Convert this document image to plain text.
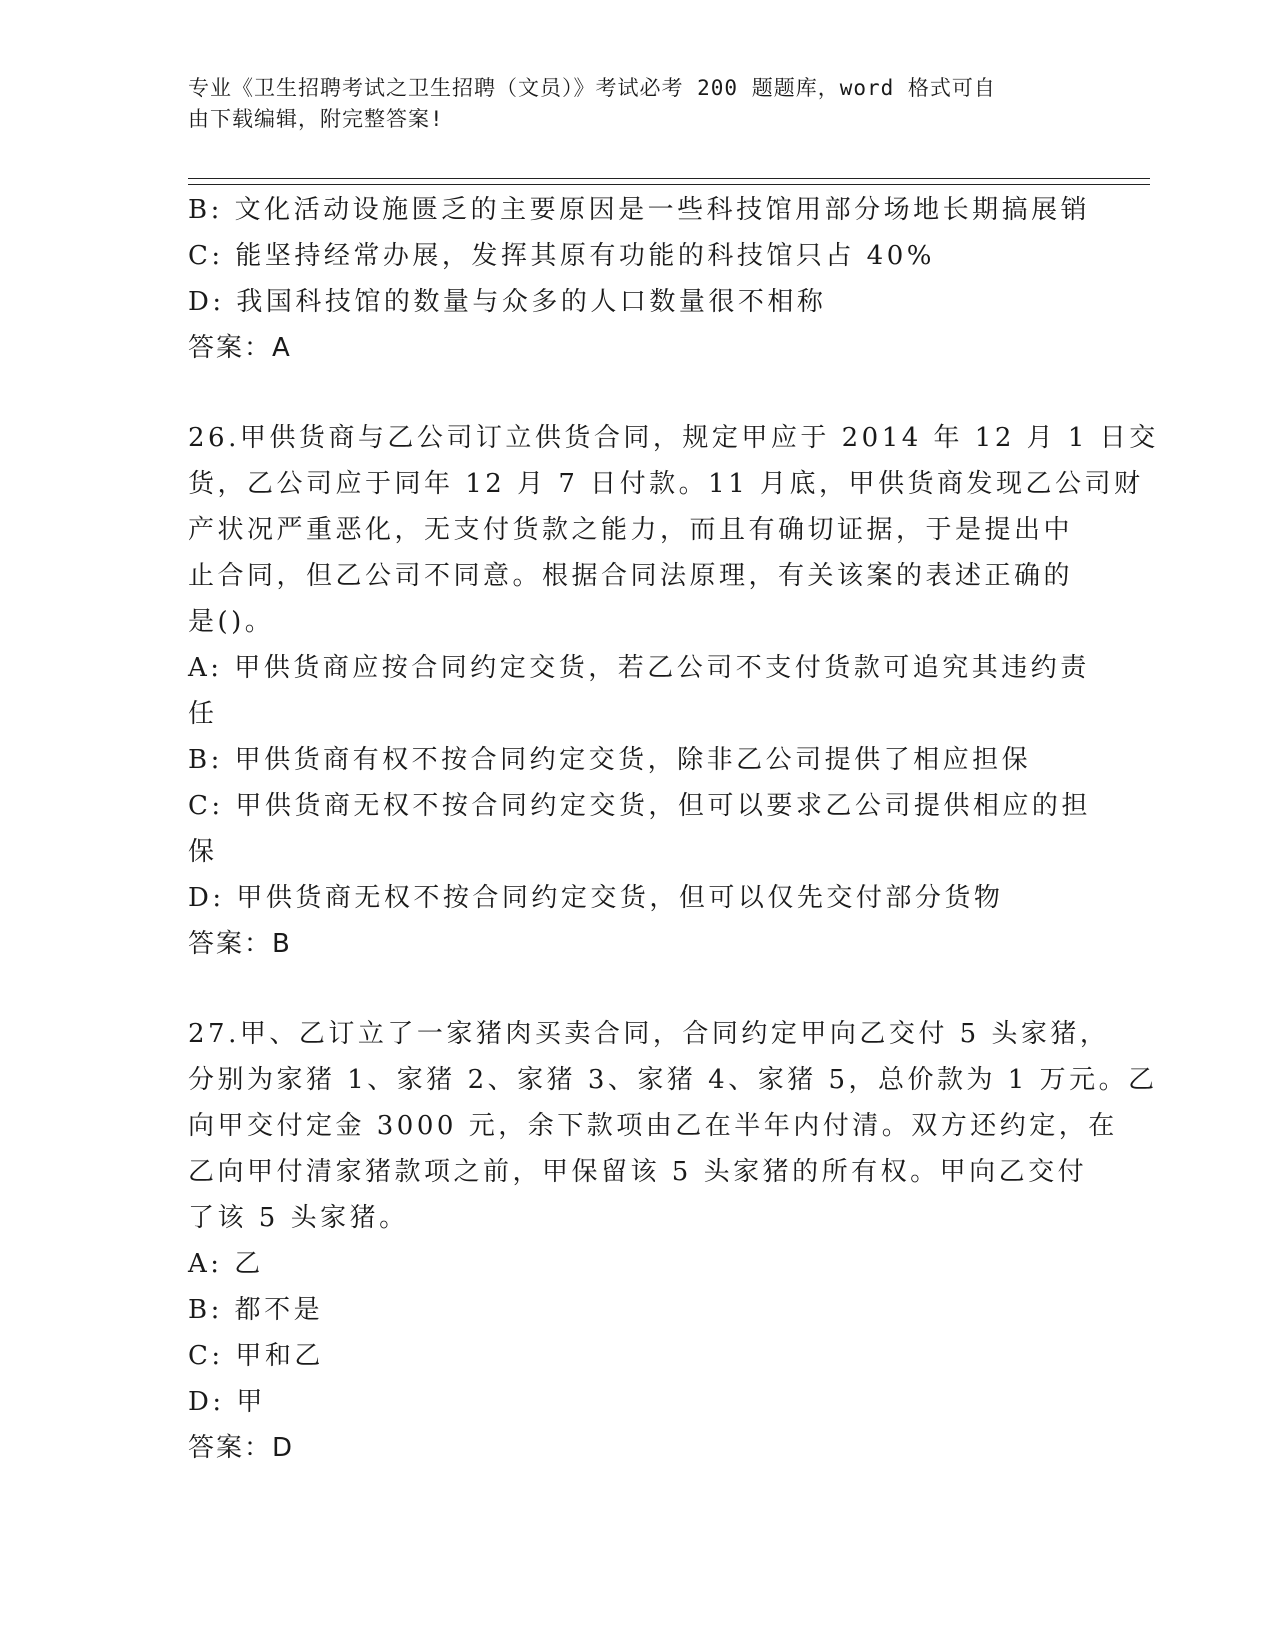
专业《卫生招聘考试之卫生招聘（文员）》考试必考 200 题题库，word 格式可自
由下载编辑，附完整答案!
B: 文化活动设施匮乏的主要原因是一些科技馆用部分场地长期搞展销
C: 能坚持经常办展，发挥其原有功能的科技馆只占 40%
D: 我国科技馆的数量与众多的人口数量很不相称
答案：A
26.甲供货商与乙公司订立供货合同，规定甲应于 2014 年 12 月 1 日交
货，乙公司应于同年 12 月 7 日付款。11 月底，甲供货商发现乙公司财
产状况严重恶化，无支付货款之能力，而且有确切证据，于是提出中
止合同，但乙公司不同意。根据合同法原理，有关该案的表述正确的
是()。
A: 甲供货商应按合同约定交货，若乙公司不支付货款可追究其违约责
任
B: 甲供货商有权不按合同约定交货，除非乙公司提供了相应担保
C: 甲供货商无权不按合同约定交货，但可以要求乙公司提供相应的担
保
D: 甲供货商无权不按合同约定交货，但可以仅先交付部分货物
答案：B
27.甲、乙订立了一家猪肉买卖合同，合同约定甲向乙交付 5 头家猪，
分别为家猪 1、家猪 2、家猪 3、家猪 4、家猪 5，总价款为 1 万元。乙
向甲交付定金 3000 元，余下款项由乙在半年内付清。双方还约定，在
乙向甲付清家猪款项之前，甲保留该 5 头家猪的所有权。甲向乙交付
了该 5 头家猪。
A: 乙
B: 都不是
C: 甲和乙
D: 甲
答案：D
